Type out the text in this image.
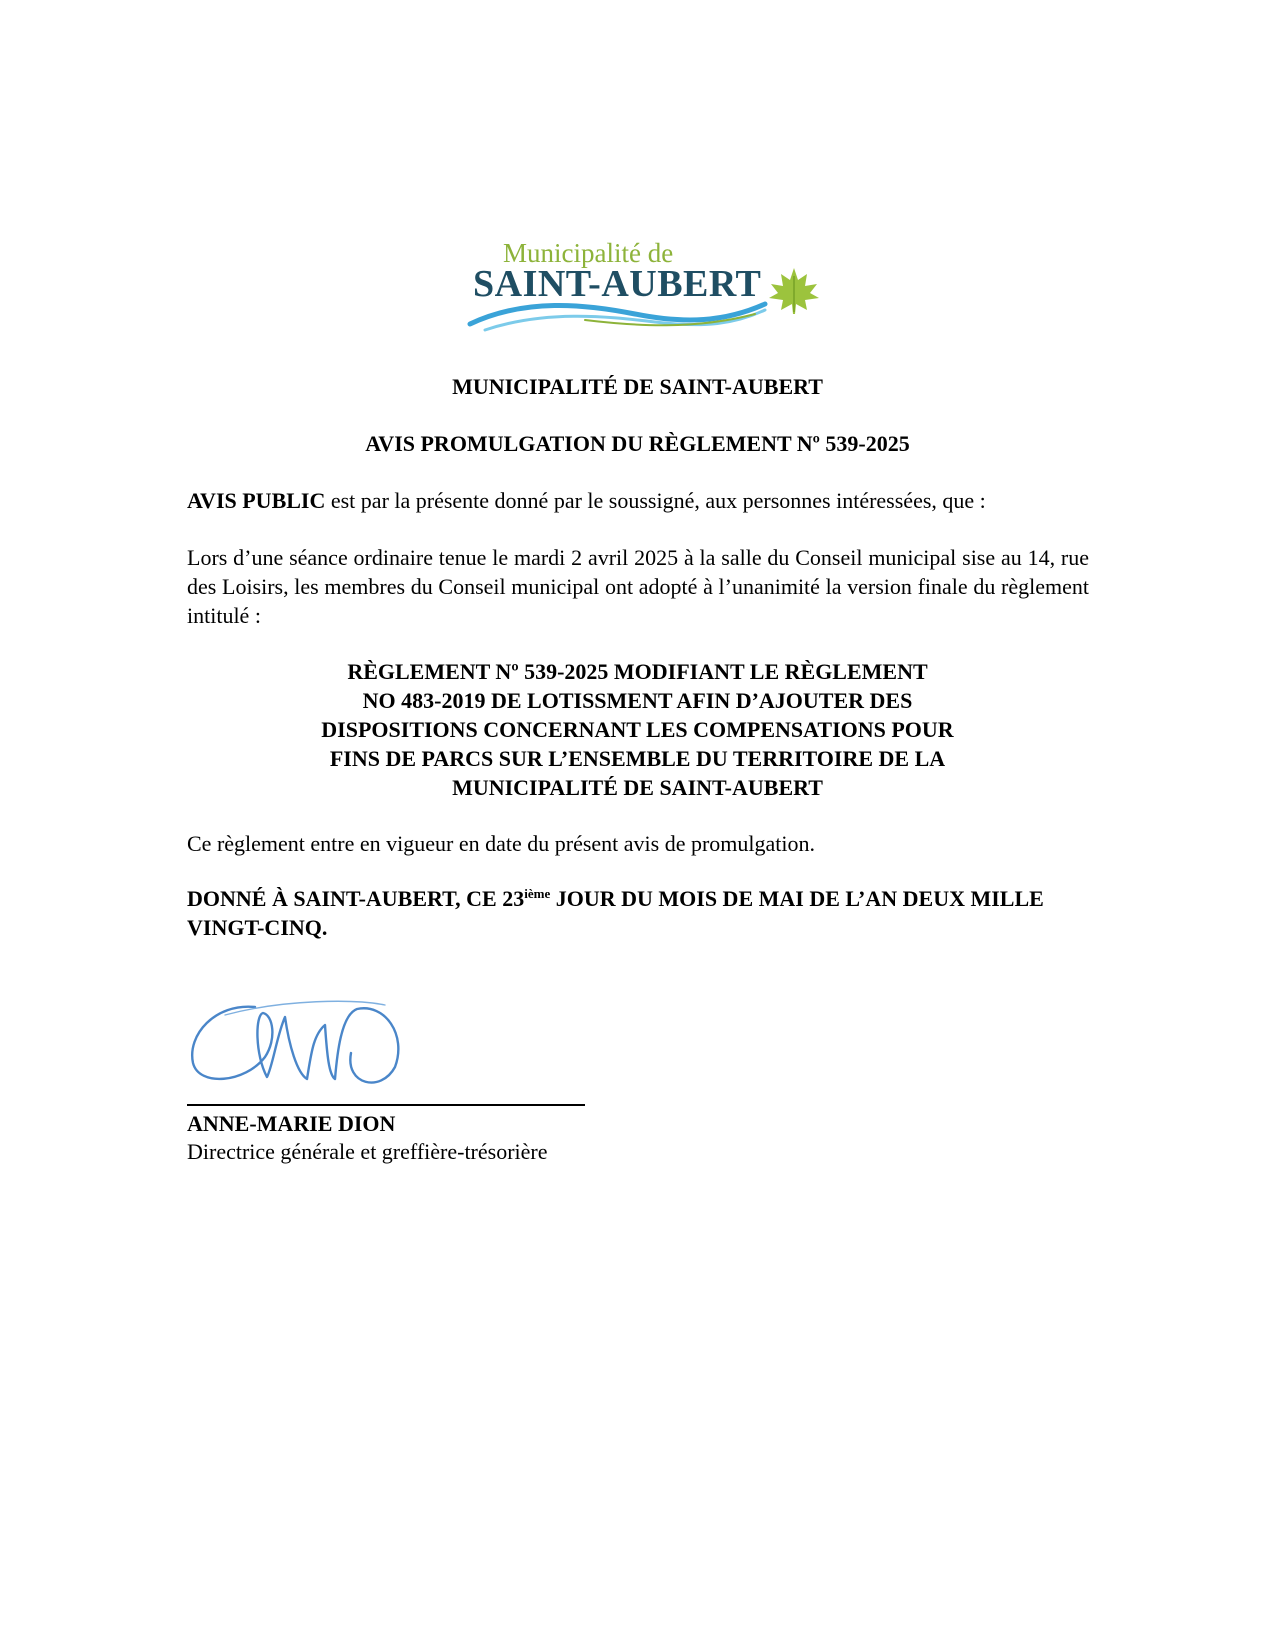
Municipalité de
SAINT-AUBERT
MUNICIPALITÉ DE SAINT-AUBERT
AVIS PROMULGATION DU RÈGLEMENT Nº 539-2025
AVIS PUBLIC est par la présente donné par le soussigné, aux personnes intéressées, que :
Lors d’une séance ordinaire tenue le mardi 2 avril 2025 à la salle du Conseil municipal sise au 14, rue des Loisirs, les membres du Conseil municipal ont adopté à l’unanimité la version finale du règlement intitulé :
RÈGLEMENT Nº 539-2025 MODIFIANT LE RÈGLEMENT
NO 483-2019 DE LOTISSMENT AFIN D’AJOUTER DES
DISPOSITIONS CONCERNANT LES COMPENSATIONS POUR
FINS DE PARCS SUR L’ENSEMBLE DU TERRITOIRE DE LA
MUNICIPALITÉ DE SAINT-AUBERT
Ce règlement entre en vigueur en date du présent avis de promulgation.
DONNÉ À SAINT-AUBERT, CE 23ième JOUR DU MOIS DE MAI DE L’AN DEUX MILLE VINGT-CINQ.
ANNE-MARIE DION
Directrice générale et greffière-trésorière
